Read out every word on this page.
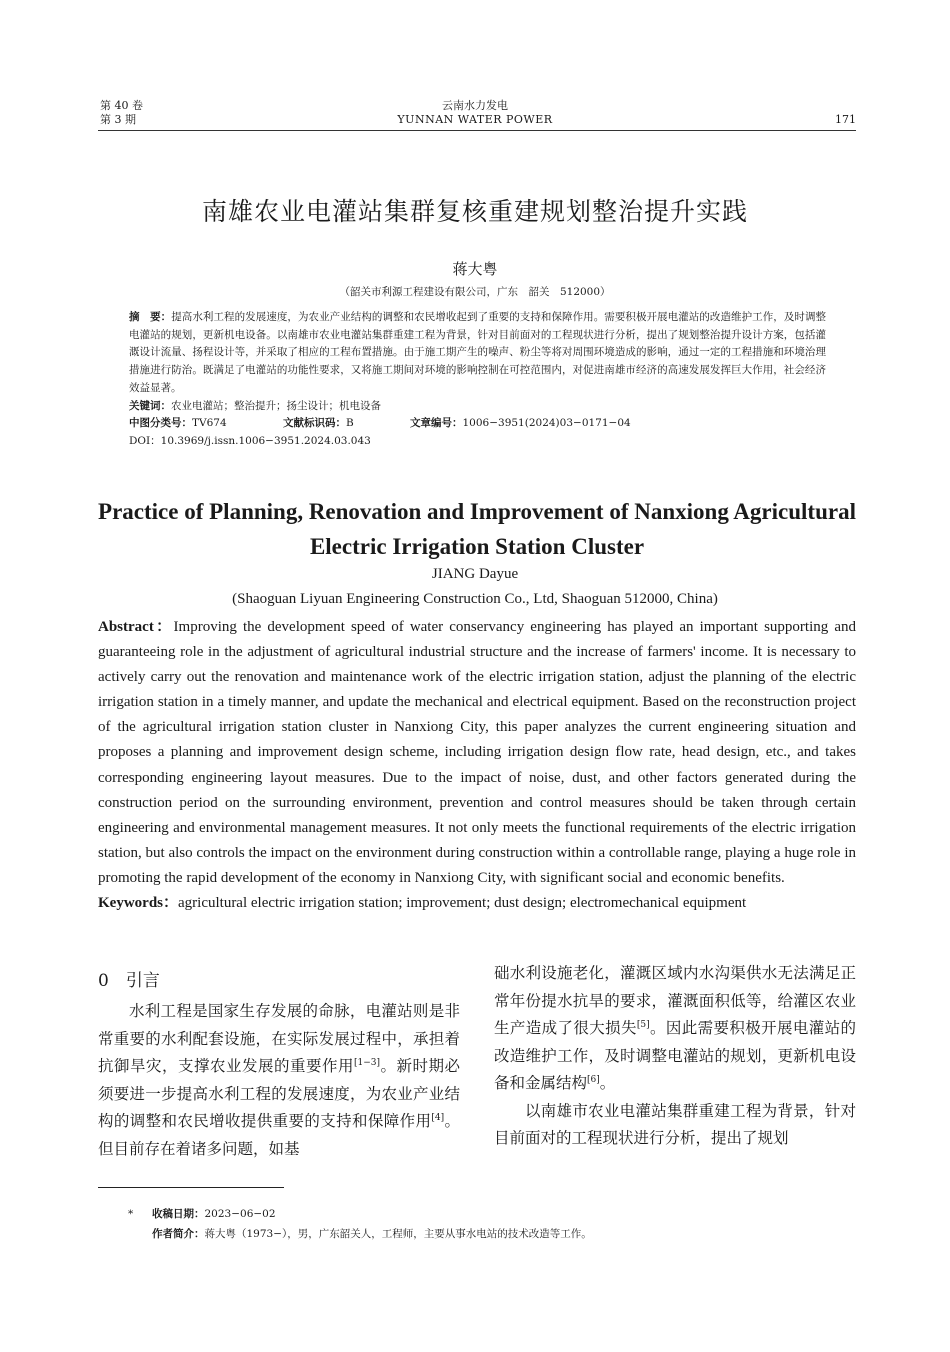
第 40 卷
第 3 期
云南水力发电
YUNNAN WATER POWER	171
南雄农业电灌站集群复核重建规划整治提升实践
蒋大粤
（韶关市利源工程建设有限公司，广东　韶关　512000）

摘　要：提高水利工程的发展速度，为农业产业结构的调整和农民增收起到了重要的支持和保障作用。需要积极开展电灌站的改造维护工作，及时调整电灌站的规划，更新机电设备。以南雄市农业电灌站集群重建工程为背景，针对目前面对的工程现状进行分析，提出了规划整治提升设计方案，包括灌溉设计流量、扬程设计等，并采取了相应的工程布置措施。由于施工期产生的噪声、粉尘等将对周围环境造成的影响，通过一定的工程措施和环境治理措施进行防治。既满足了电灌站的功能性要求，又将施工期间对环境的影响控制在可控范围内，对促进南雄市经济的高速发展发挥巨大作用，社会经济效益显著。

关键词：农业电灌站；整治提升；扬尘设计；机电设备

中图分类号：TV674	文献标识码：B	文章编号：1006−3951(2024)03−0171−04

DOI：10.3969/j.issn.1006−3951.2024.03.043

Practice of Planning, Renovation and Improvement of Nanxiong Agricultural Electric Irrigation Station Cluster
JIANG Dayue
(Shaoguan Liyuan Engineering Construction Co., Ltd, Shaoguan 512000, China)

Abstract：Improving the development speed of water conservancy engineering has played an important supporting and guaranteeing role in the adjustment of agricultural industrial structure and the increase of farmers' income. It is necessary to actively carry out the renovation and maintenance work of the electric irrigation station, adjust the planning of the electric irrigation station in a timely manner, and update the mechanical and electrical equipment. Based on the reconstruction project of the agricultural irrigation station cluster in Nanxiong City, this paper analyzes the current engineering situation and proposes a planning and improvement design scheme, including irrigation design flow rate, head design, etc., and takes corresponding engineering layout measures. Due to the impact of noise, dust, and other factors generated during the construction period on the surrounding environment, prevention and control measures should be taken through certain engineering and environmental management measures. It not only meets the functional requirements of the electric irrigation station, but also controls the impact on the environment during construction within a controllable range, playing a huge role in promoting the rapid development of the economy in Nanxiong City, with significant social and economic benefits.

Keywords：agricultural electric irrigation station; improvement; dust design; electromechanical equipment

0　引言

水利工程是国家生存发展的命脉，电灌站则是非常重要的水利配套设施，在实际发展过程中，承担着抗御旱灾，支撑农业发展的重要作用[1−3]。新时期必须要进一步提高水利工程的发展速度，为农业产业结构的调整和农民增收提供重要的支持和保障作用[4]。但目前存在着诸多问题，如基

础水利设施老化，灌溉区域内水沟渠供水无法满足正常年份提水抗旱的要求，灌溉面积低等，给灌区农业生产造成了很大损失[5]。因此需要积极开展电灌站的改造维护工作，及时调整电灌站的规划，更新机电设备和金属结构[6]。

以南雄市农业电灌站集群重建工程为背景，针对目前面对的工程现状进行分析，提出了规划

* 收稿日期：2023−06−02
作者简介：蒋大粤（1973−），男，广东韶关人，工程师，主要从事水电站的技术改造等工作。
